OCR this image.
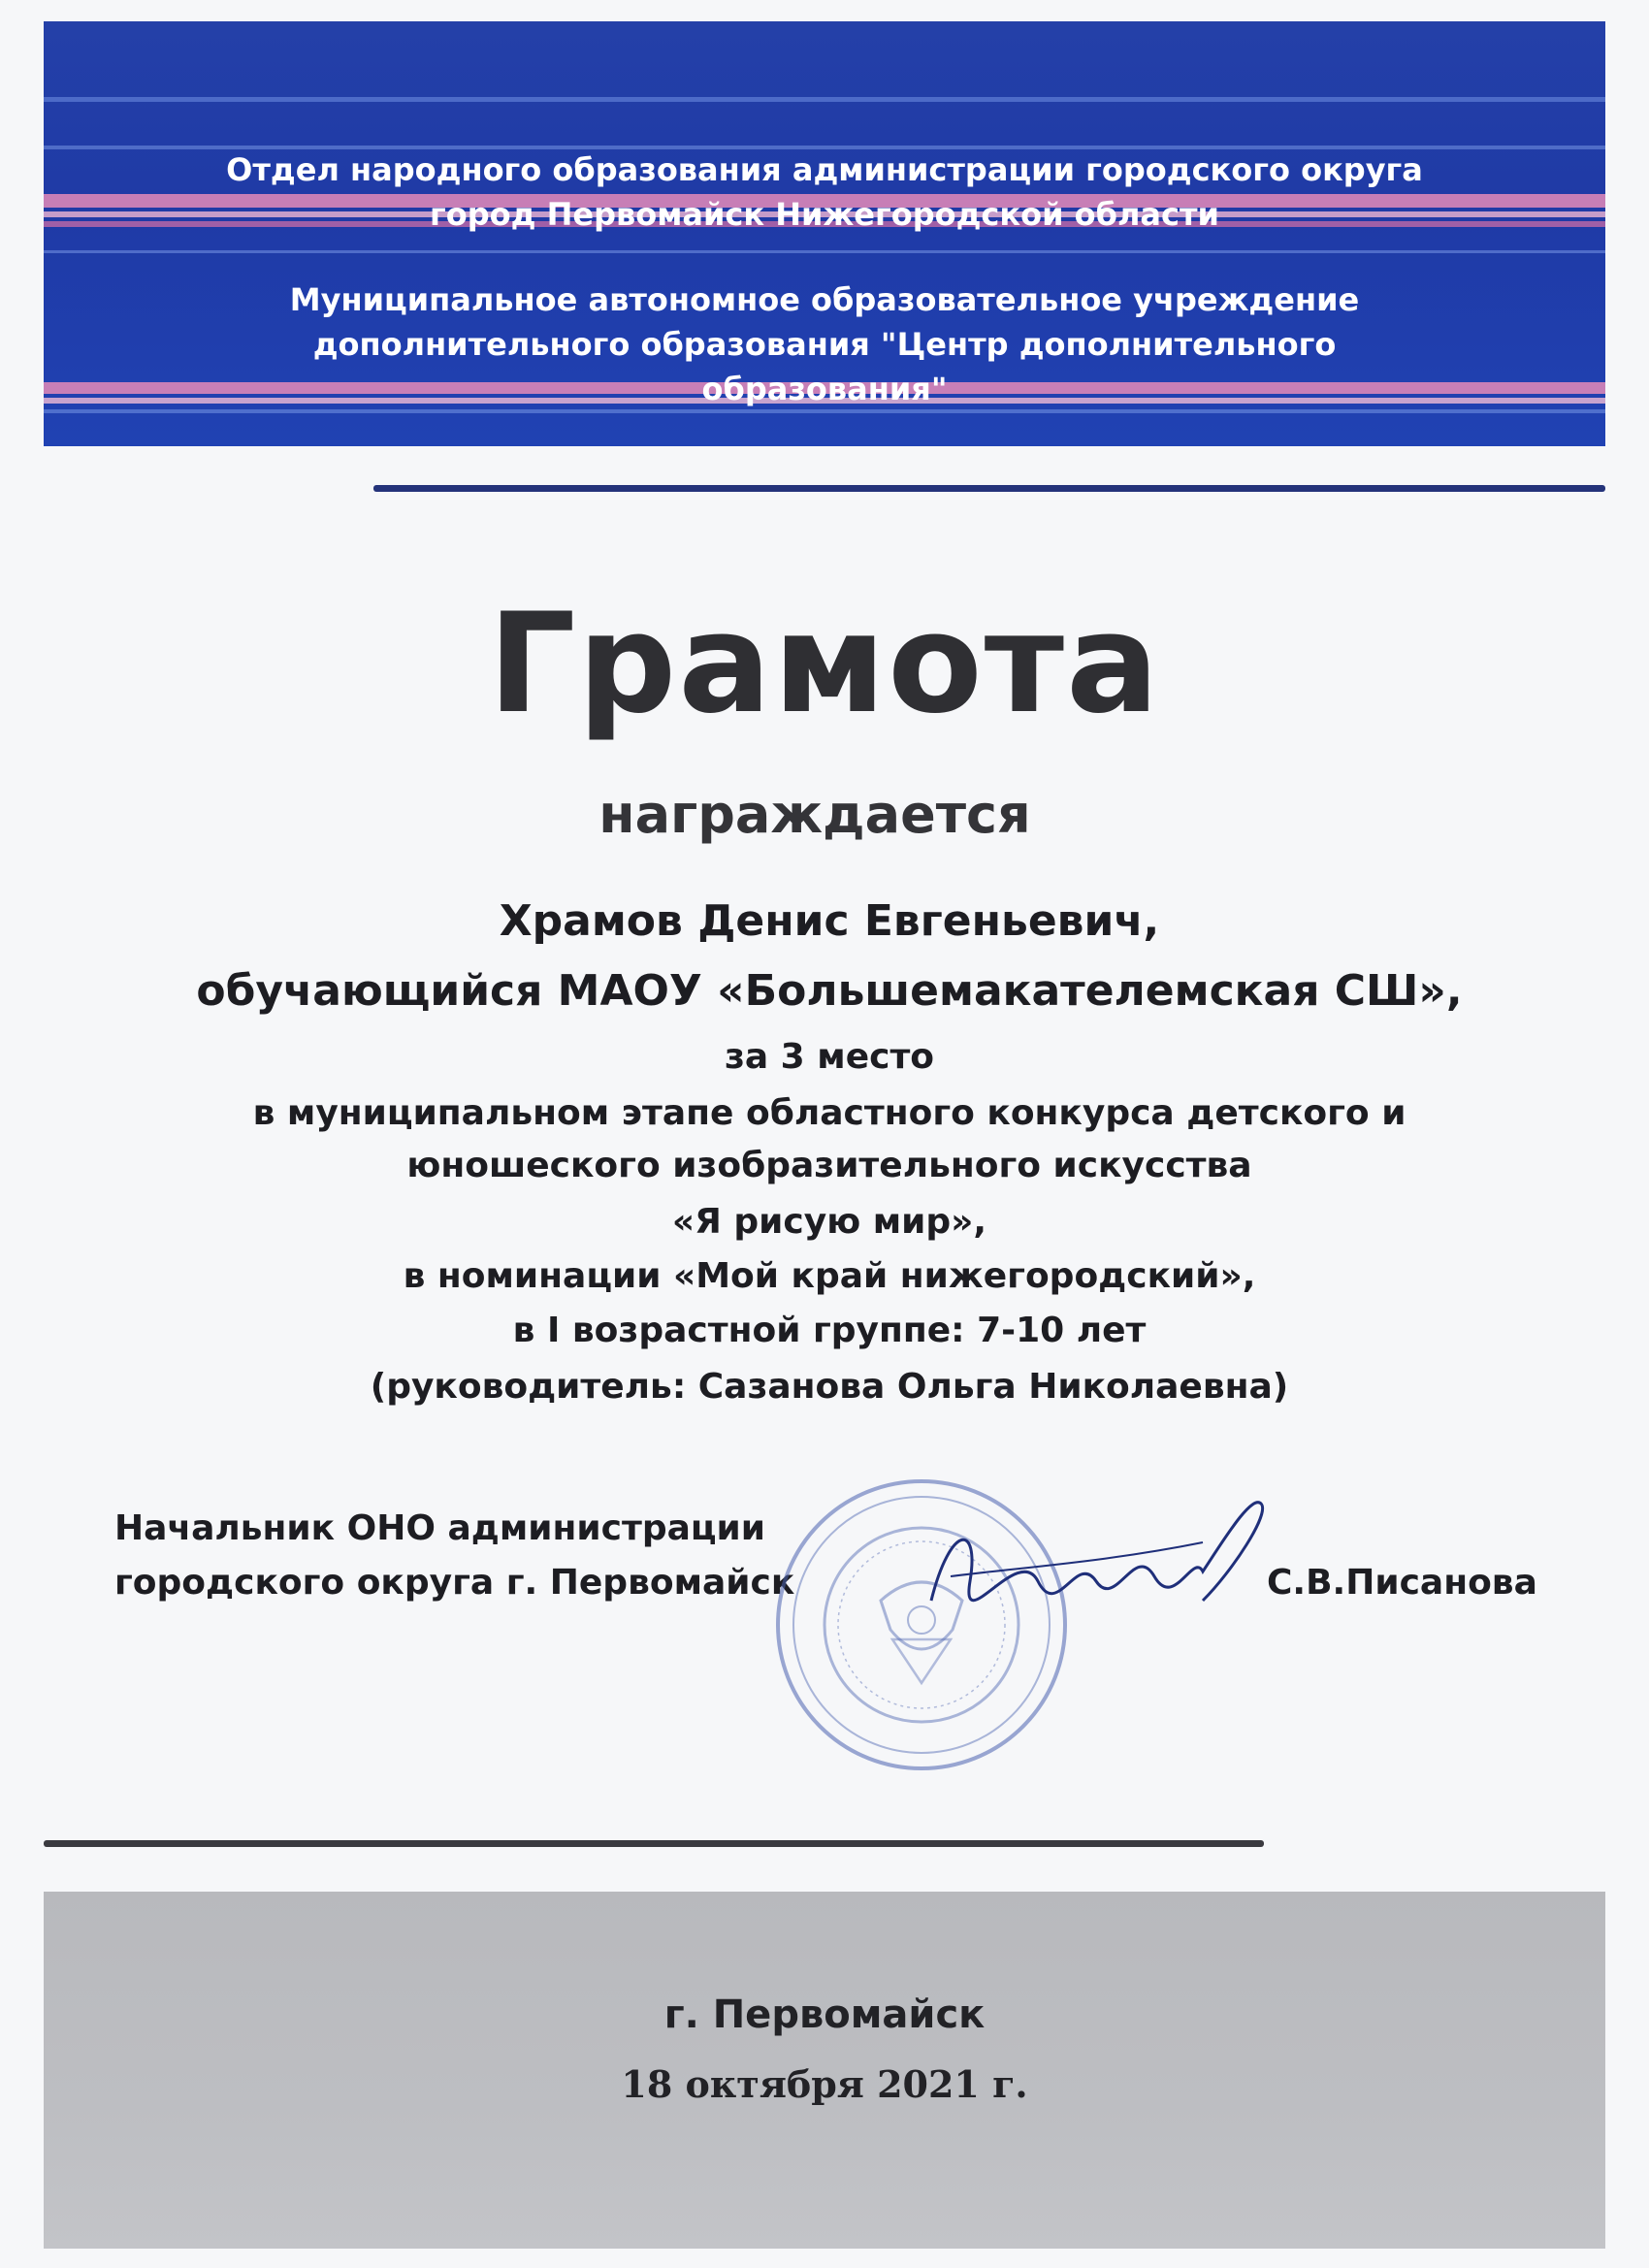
Отдел народного образования администрации городского округа
город Первомайск Нижегородской области
Муниципальное автономное образовательное учреждение
дополнительного образования "Центр дополнительного
образования"
Грамота
награждается
Храмов Денис Евгеньевич,
обучающийся МАОУ «Большемакателемская СШ»,
за 3 место
в муниципальном этапе областного конкурса детского и
юношеского изобразительного искусства
«Я рисую мир»,
в номинации «Мой край нижегородский»,
в I возрастной группе: 7-10 лет
(руководитель: Сазанова Ольга Николаевна)
Начальник ОНО администрации
городского округа г. Первомайск	С.В.Писанова
г. Первомайск
18 октября 2021 г.
